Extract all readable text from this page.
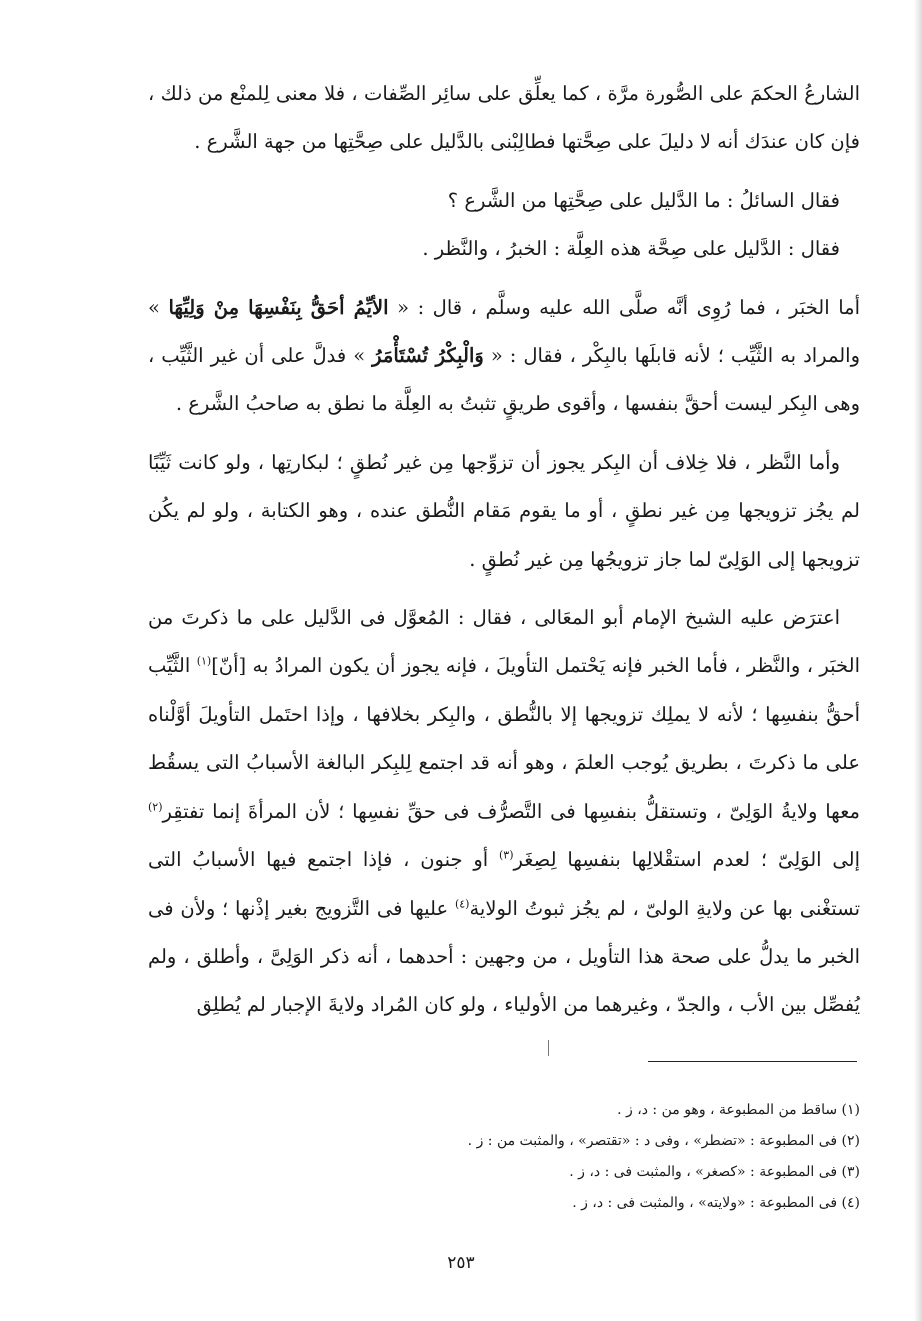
الشارعُ الحكمَ على الصُّورة مرَّة ، كما يعلِّق على سائِر الصِّفات ، فلا معنى لِلمنْع من ذلك ، فإن كان عندَك أنه لا دليلَ على صِحَّتها فطالِبْنى بالدَّليل على صِحَّتِها من جهة الشَّرع .

فقال السائلُ : ما الدَّليل على صِحَّتِها من الشَّرع ؟

فقال : الدَّليل على صِحَّة هذه العِلَّة : الخبرُ ، والنَّظر .

أما الخبَر ، فما رُوِى أنَّه صلَّى الله عليه وسلَّم ، قال : « الأيِّمُ أحَقُّ بِنَفْسِهَا مِنْ وَلِيِّهَا » والمراد به الثَّيِّب ؛ لأنه قابلَها بالبِكْر ، فقال : « وَالْبِكْرُ تُسْتَأْمَرُ » فدلَّ على أن غير الثَّيِّب ، وهى البِكر ليست أحقَّ بنفسها ، وأقوى طريقٍ تثبتُ به العِلَّة ما نطق به صاحبُ الشَّرع .

وأما النَّظر ، فلا خِلاف أن البِكر يجوز أن تزوِّجها مِن غير نُطقٍ ؛ لبكارتِها ، ولو كانت ثَيِّبًا لم يجُز تزويجها مِن غير نطقٍ ، أو ما يقوم مَقام النُّطق عنده ، وهو الكتابة ، ولو لم يكُن تزويجها إلى الوَلِىّ لما جاز تزويجُها مِن غير نُطقٍ .

اعترَض عليه الشيخ الإمام أبو المعَالى ، فقال : المُعوَّل فى الدَّليل على ما ذكرتَ من الخبَر ، والنَّظر ، فأما الخبر فإنه يَحْتمل التأويلَ ، فإنه يجوز أن يكون المرادُ به [أنّ]$^{(١)}$ الثَّيِّب أحقُّ بنفسِها ؛ لأنه لا يملِك تزويجها إلا بالنُّطق ، والبِكر بخلافها ، وإذا احتَمل التأويلَ أوَّلْناه على ما ذكرتَ ، بطريق يُوجب العلمَ ، وهو أنه قد اجتمع لِلبِكر البالغة الأسبابُ التى يسقُط معها ولايةُ الوَلِىّ ، وتستقلُّ بنفسِها فى التَّصرُّف فى حقِّ نفسِها ؛ لأن المرأةَ إنما تفتقِر$^{(٢)}$ إلى الوَلِىّ ؛ لعدم استقْلالِها بنفسِها لِصِغَر$^{(٣)}$ أو جنون ، فإذا اجتمع فيها الأسبابُ التى تستغْنى بها عن ولايةِ الولىّ ، لم يجُز ثبوتُ الولاية$^{(٤)}$ عليها فى التَّزويج بغير إذْنها ؛ ولأن فى الخبر ما يدلُّ على صحة هذا التأويل ، من وجهين : أحدهما ، أنه ذكر الوَلِىَّ ، وأطلق ، ولم يُفصِّل بين الأب ، والجدّ ، وغيرهما من الأولياء ، ولو كان المُراد ولايةَ الإجبار لم يُطلِق

(١) ساقط من المطبوعة ، وهو من : د، ز .
(٢) فى المطبوعة : «تضطر» ، وفى د : «تقتصر» ، والمثبت من : ز .
(٣) فى المطبوعة : «كصغر» ، والمثبت فى : د، ز .
(٤) فى المطبوعة : «ولايته» ، والمثبت فى : د، ز .
٢٥٣
